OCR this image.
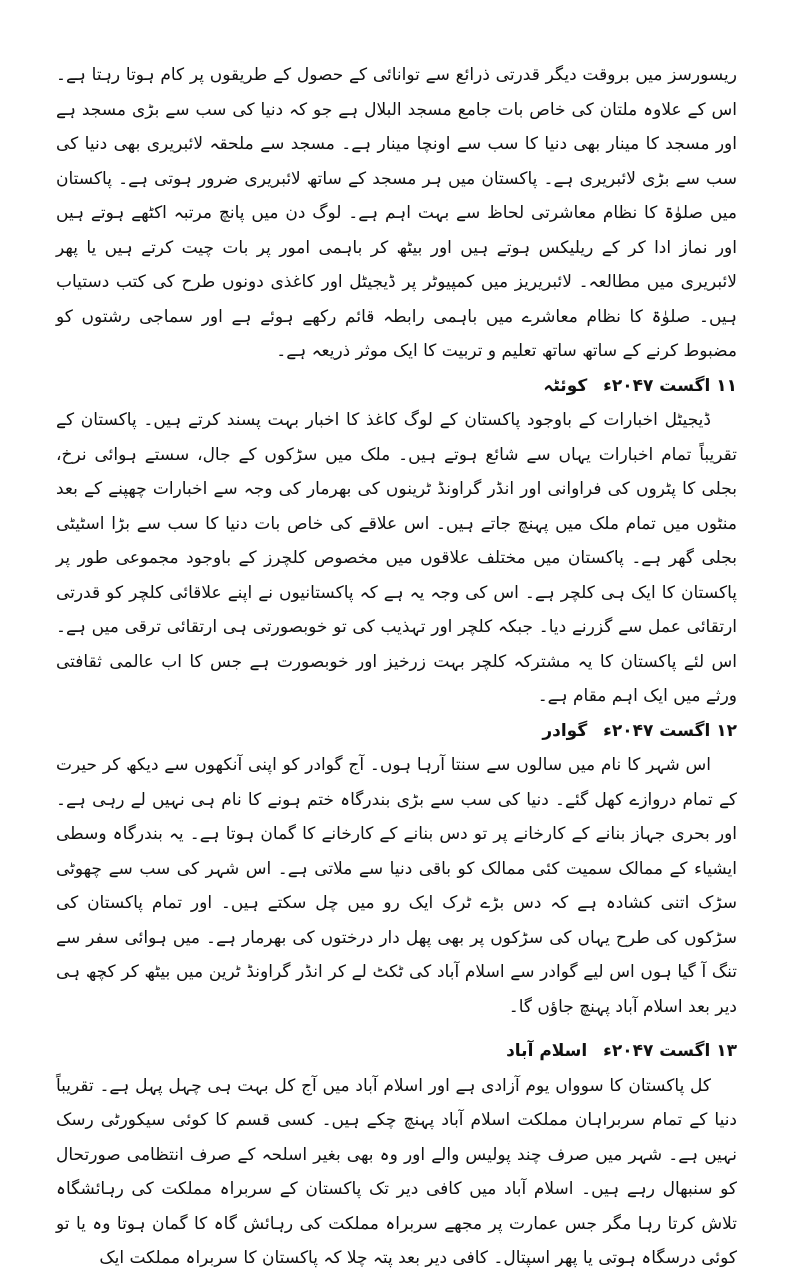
ریسورسز میں بروقت دیگر قدرتی ذرائع سے توانائی کے حصول کے طریقوں پر کام ہوتا رہتا ہے۔ اس کے علاوہ ملتان کی خاص بات جامع مسجد البلال ہے جو کہ دنیا کی سب سے بڑی مسجد ہے اور مسجد کا مینار بھی دنیا کا سب سے اونچا مینار ہے۔ مسجد سے ملحقہ لائبریری بھی دنیا کی سب سے بڑی لائبریری ہے۔ پاکستان میں ہر مسجد کے ساتھ لائبریری ضرور ہوتی ہے۔ پاکستان میں صلوٰۃ کا نظام معاشرتی لحاظ سے بہت اہم ہے۔ لوگ دن میں پانچ مرتبہ اکٹھے ہوتے ہیں اور نماز ادا کر کے ریلیکس ہوتے ہیں اور بیٹھ کر باہمی امور پر بات چیت کرتے ہیں یا پھر لائبریری میں مطالعہ۔ لائبریریز میں کمپیوٹر پر ڈیجیٹل اور کاغذی دونوں طرح کی کتب دستیاب ہیں۔ صلوٰۃ کا نظام معاشرے میں باہمی رابطہ قائم رکھے ہوئے ہے اور سماجی رشتوں کو مضبوط کرنے کے ساتھ ساتھ تعلیم و تربیت کا ایک موثر ذریعہ ہے۔

۱۱ اگست ۲۰۴۷ء کوئٹہ

ڈیجیٹل اخبارات کے باوجود پاکستان کے لوگ کاغذ کا اخبار بہت پسند کرتے ہیں۔ پاکستان کے تقریباً تمام اخبارات یہاں سے شائع ہوتے ہیں۔ ملک میں سڑکوں کے جال، سستے ہوائی نرخ، بجلی کا پٹروں کی فراوانی اور انڈر گراونڈ ٹرینوں کی بھرمار کی وجہ سے اخبارات چھپنے کے بعد منٹوں میں تمام ملک میں پہنچ جاتے ہیں۔ اس علاقے کی خاص بات دنیا کا سب سے بڑا اسٹیٹی بجلی گھر ہے۔ پاکستان میں مختلف علاقوں میں مخصوص کلچرز کے باوجود مجموعی طور پر پاکستان کا ایک ہی کلچر ہے۔ اس کی وجہ یہ ہے کہ پاکستانیوں نے اپنے علاقائی کلچر کو قدرتی ارتقائی عمل سے گزرنے دیا۔ جبکہ کلچر اور تہذیب کی تو خوبصورتی ہی ارتقائی ترقی میں ہے۔ اس لئے پاکستان کا یہ مشترکہ کلچر بہت زرخیز اور خوبصورت ہے جس کا اب عالمی ثقافتی ورثے میں ایک اہم مقام ہے۔

۱۲ اگست ۲۰۴۷ء گوادر

اس شہر کا نام میں سالوں سے سنتا آرہا ہوں۔ آج گوادر کو اپنی آنکھوں سے دیکھ کر حیرت کے تمام دروازے کھل گئے۔ دنیا کی سب سے بڑی بندرگاہ ختم ہونے کا نام ہی نہیں لے رہی ہے۔ اور بحری جہاز بنانے کے کارخانے پر تو دس بنانے کے کارخانے کا گمان ہوتا ہے۔ یہ بندرگاہ وسطی ایشیاء کے ممالک سمیت کئی ممالک کو باقی دنیا سے ملاتی ہے۔ اس شہر کی سب سے چھوٹی سڑک اتنی کشادہ ہے کہ دس بڑے ٹرک ایک رو میں چل سکتے ہیں۔ اور تمام پاکستان کی سڑکوں کی طرح یہاں کی سڑکوں پر بھی پھل دار درختوں کی بھرمار ہے۔ میں ہوائی سفر سے تنگ آ گیا ہوں اس لیے گوادر سے اسلام آباد کی ٹکٹ لے کر انڈر گراونڈ ٹرین میں بیٹھ کر کچھ ہی دیر بعد اسلام آباد پہنچ جاؤں گا۔

۱۳ اگست ۲۰۴۷ء اسلام آباد

کل پاکستان کا سوواں یوم آزادی ہے اور اسلام آباد میں آج کل بہت ہی چہل پہل ہے۔ تقریباً دنیا کے تمام سربراہان مملکت اسلام آباد پہنچ چکے ہیں۔ کسی قسم کا کوئی سیکورٹی رسک نہیں ہے۔ شہر میں صرف چند پولیس والے اور وہ بھی بغیر اسلحہ کے صرف انتظامی صورتحال کو سنبھال رہے ہیں۔ اسلام آباد میں کافی دیر تک پاکستان کے سربراہ مملکت کی رہائشگاہ تلاش کرتا رہا مگر جس عمارت پر مجھے سربراہ مملکت کی رہائش گاہ کا گمان ہوتا وہ یا تو کوئی درسگاہ ہوتی یا پھر اسپتال۔ کافی دیر بعد پتہ چلا کہ پاکستان کا سربراہ مملکت ایک
